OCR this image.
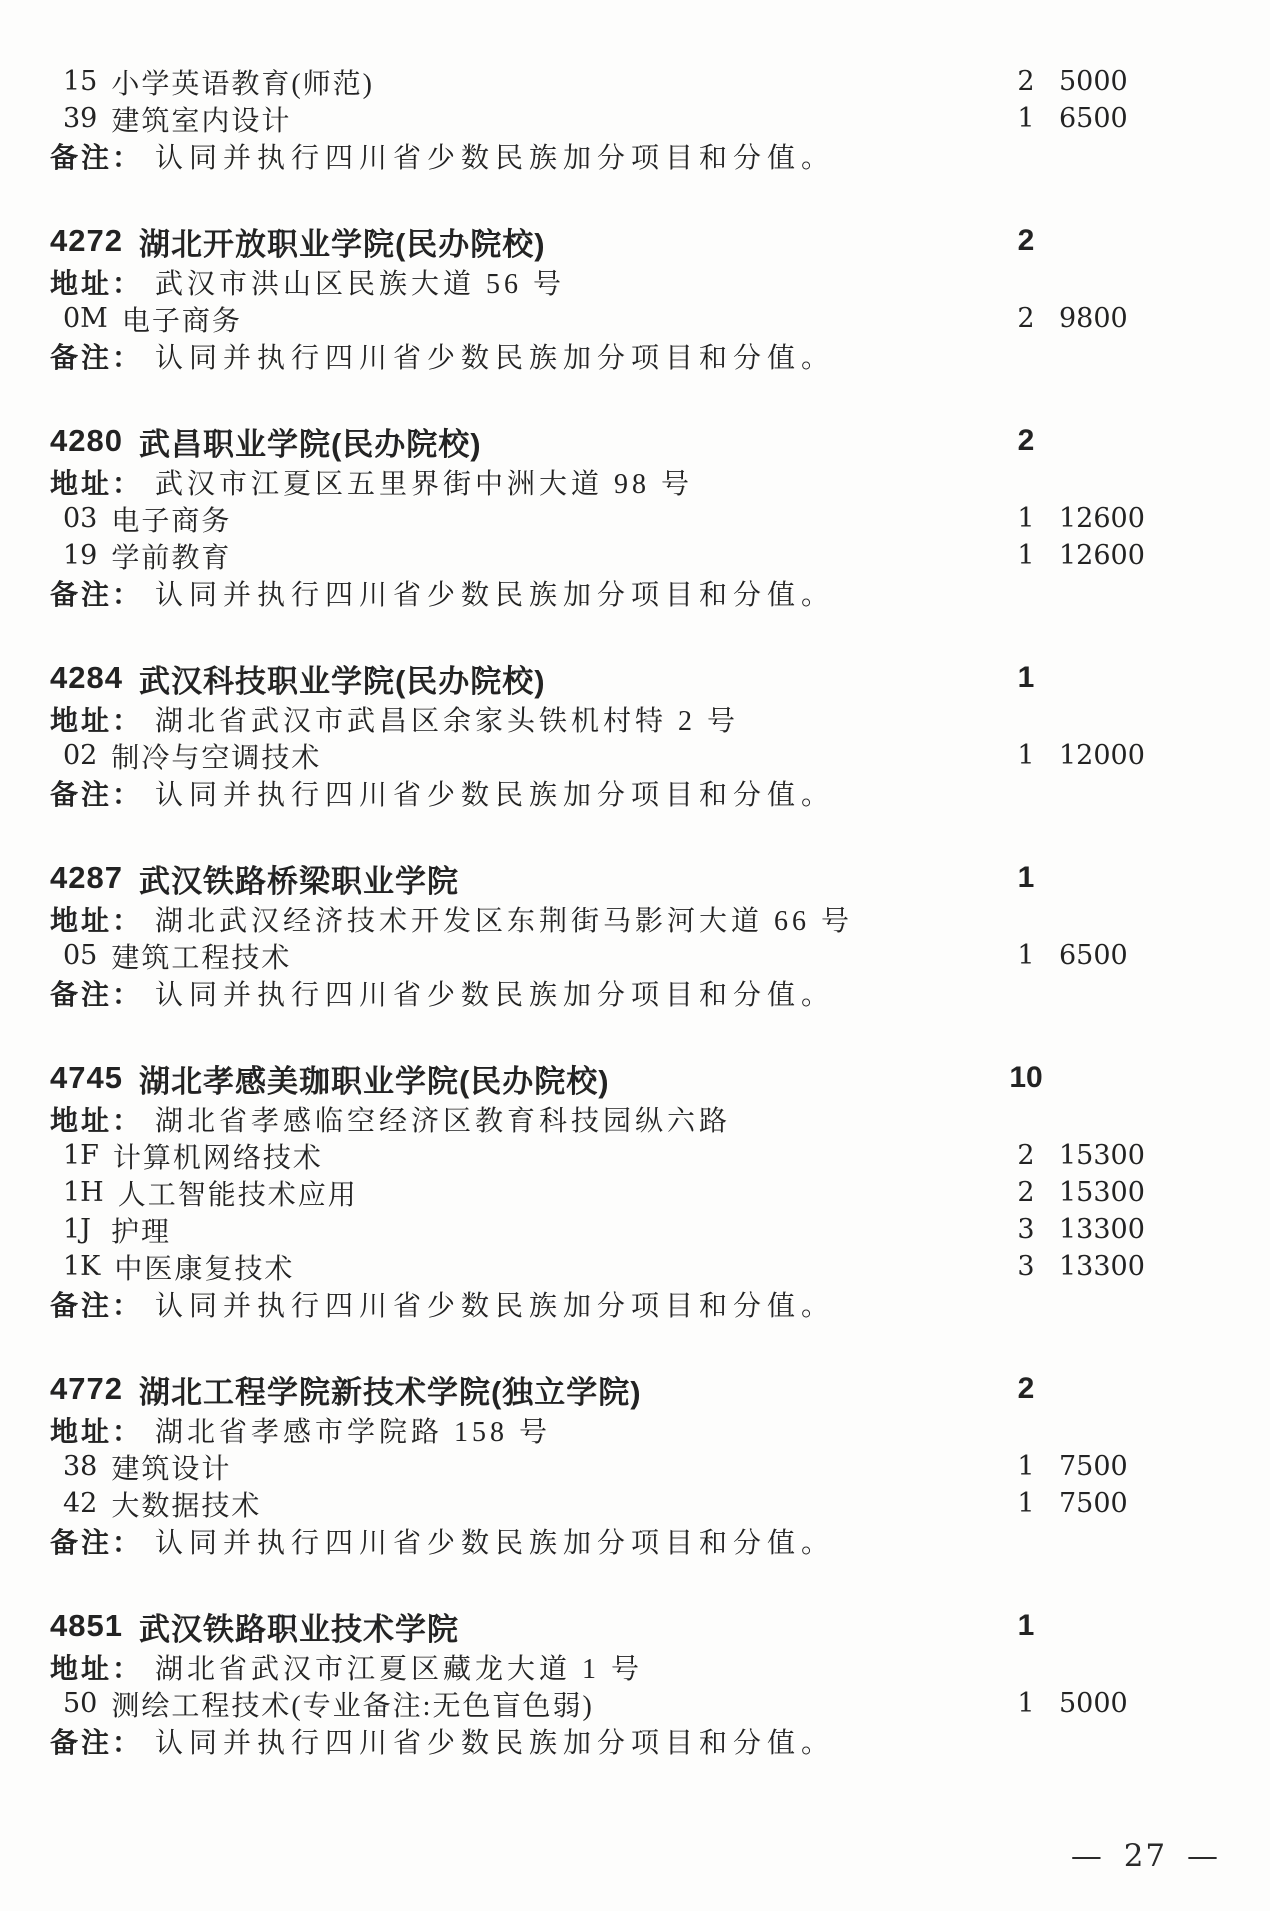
15 小学英语教育(师范)	2 5000
39 建筑室内设计	1 6500
备注： 认同并执行四川省少数民族加分项目和分值。
4272 湖北开放职业学院(民办院校)	2
地址： 武汉市洪山区民族大道 56 号
0M 电子商务	2 9800
备注： 认同并执行四川省少数民族加分项目和分值。
4280 武昌职业学院(民办院校)	2
地址： 武汉市江夏区五里界街中洲大道 98 号
03 电子商务	1 12600
19 学前教育	1 12600
备注： 认同并执行四川省少数民族加分项目和分值。
4284 武汉科技职业学院(民办院校)	1
地址： 湖北省武汉市武昌区余家头铁机村特 2 号
02 制冷与空调技术	1 12000
备注： 认同并执行四川省少数民族加分项目和分值。
4287 武汉铁路桥梁职业学院	1
地址： 湖北武汉经济技术开发区东荆街马影河大道 66 号
05 建筑工程技术	1 6500
备注： 认同并执行四川省少数民族加分项目和分值。
4745 湖北孝感美珈职业学院(民办院校)	10
地址： 湖北省孝感临空经济区教育科技园纵六路
1F 计算机网络技术	2 15300
1H 人工智能技术应用	2 15300
1J 护理	3 13300
1K 中医康复技术	3 13300
备注： 认同并执行四川省少数民族加分项目和分值。
4772 湖北工程学院新技术学院(独立学院)	2
地址： 湖北省孝感市学院路 158 号
38 建筑设计	1 7500
42 大数据技术	1 7500
备注： 认同并执行四川省少数民族加分项目和分值。
4851 武汉铁路职业技术学院	1
地址： 湖北省武汉市江夏区藏龙大道 1 号
50 测绘工程技术(专业备注:无色盲色弱)	1 5000
备注： 认同并执行四川省少数民族加分项目和分值。
— 27 —
